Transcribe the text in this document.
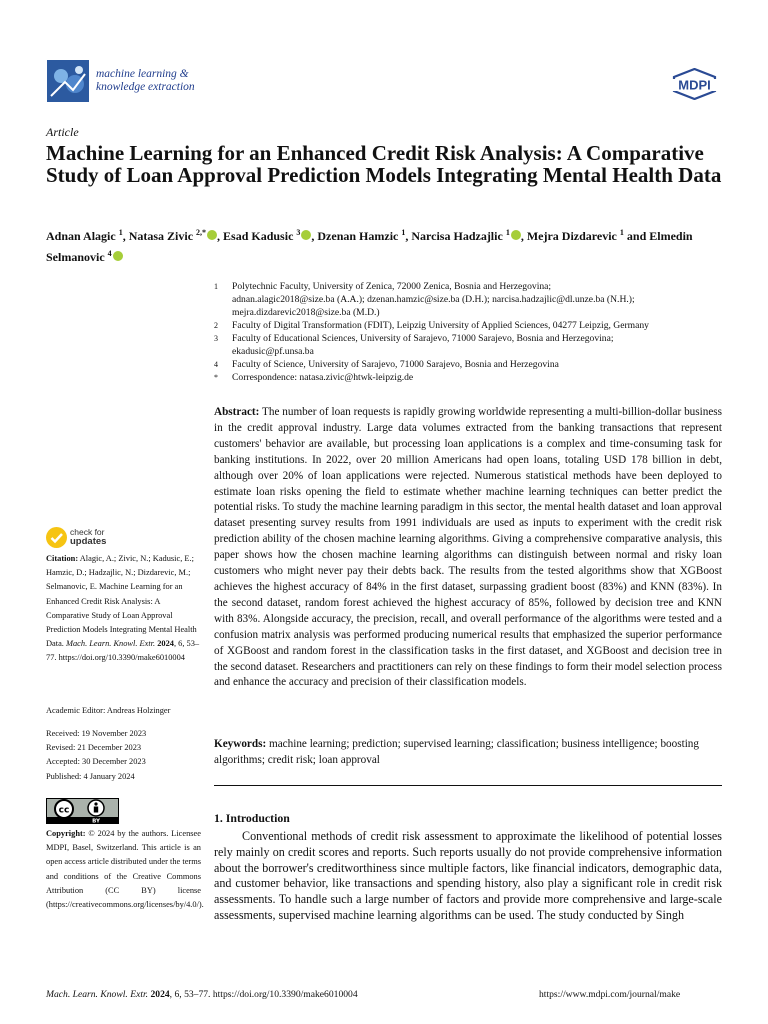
machine learning &
knowledge extraction	MDPI
Article
Machine Learning for an Enhanced Credit Risk Analysis: A Comparative Study of Loan Approval Prediction Models Integrating Mental Health Data
Adnan Alagic $^1$, Natasa Zivic $^{2,*}$ , Esad Kadusic $^3$ , Dzenan Hamzic $^1$, Narcisa Hadzajlic $^1$ , Mejra Dizdarevic $^1$ and Elmedin Selmanovic $^4$
1	Polytechnic Faculty, University of Zenica, 72000 Zenica, Bosnia and Herzegovina;
adnan.alagic2018@size.ba (A.A.); dzenan.hamzic@size.ba (D.H.); narcisa.hadzajlic@dl.unze.ba (N.H.);
mejra.dizdarevic2018@size.ba (M.D.)
2	Faculty of Digital Transformation (FDIT), Leipzig University of Applied Sciences, 04277 Leipzig, Germany
3	Faculty of Educational Sciences, University of Sarajevo, 71000 Sarajevo, Bosnia and Herzegovina;
ekadusic@pf.unsa.ba
4	Faculty of Science, University of Sarajevo, 71000 Sarajevo, Bosnia and Herzegovina
*	Correspondence: natasa.zivic@htwk-leipzig.de
check for
updates
Citation: Alagic, A.; Zivic, N.; Kadusic, E.; Hamzic, D.; Hadzajlic, N.; Dizdarevic, M.; Selmanovic, E. Machine Learning for an Enhanced Credit Risk Analysis: A Comparative Study of Loan Approval Prediction Models Integrating Mental Health Data. Mach. Learn. Knowl. Extr. 2024, 6, 53–77. https://doi.org/10.3390/make6010004
Academic Editor: Andreas Holzinger
Received: 19 November 2023
Revised: 21 December 2023
Accepted: 30 December 2023
Published: 4 January 2024
cc
BY
Copyright: © 2024 by the authors. Licensee MDPI, Basel, Switzerland. This article is an open access article distributed under the terms and conditions of the Creative Commons Attribution (CC BY) license (https://creativecommons.org/licenses/by/4.0/).
Abstract: The number of loan requests is rapidly growing worldwide representing a multi-billion-dollar business in the credit approval industry. Large data volumes extracted from the banking transactions that represent customers' behavior are available, but processing loan applications is a complex and time-consuming task for banking institutions. In 2022, over 20 million Americans had open loans, totaling USD 178 billion in debt, although over 20% of loan applications were rejected. Numerous statistical methods have been deployed to estimate loan risks opening the field to estimate whether machine learning techniques can better predict the potential risks. To study the machine learning paradigm in this sector, the mental health dataset and loan approval dataset presenting survey results from 1991 individuals are used as inputs to experiment with the credit risk prediction ability of the chosen machine learning algorithms. Giving a comprehensive comparative analysis, this paper shows how the chosen machine learning algorithms can distinguish between normal and risky loan customers who might never pay their debts back. The results from the tested algorithms show that XGBoost achieves the highest accuracy of 84% in the first dataset, surpassing gradient boost (83%) and KNN (83%). In the second dataset, random forest achieved the highest accuracy of 85%, followed by decision tree and KNN with 83%. Alongside accuracy, the precision, recall, and overall performance of the algorithms were tested and a confusion matrix analysis was performed producing numerical results that emphasized the superior performance of XGBoost and random forest in the classification tasks in the first dataset, and XGBoost and decision tree in the second dataset. Researchers and practitioners can rely on these findings to form their model selection process and enhance the accuracy and precision of their classification models.
Keywords: machine learning; prediction; supervised learning; classification; business intelligence; boosting algorithms; credit risk; loan approval
1. Introduction

Conventional methods of credit risk assessment to approximate the likelihood of potential losses rely mainly on credit scores and reports. Such reports usually do not provide comprehensive information about the borrower's creditworthiness since multiple factors, like financial indicators, demographic data, and customer behavior, like transactions and spending history, also play a significant role in credit risk assessments. To handle such a large number of factors and provide more comprehensive and large-scale assessments, supervised machine learning algorithms can be used. The study conducted by Singh

Mach. Learn. Knowl. Extr. 2024, 6, 53–77. https://doi.org/10.3390/make6010004	https://www.mdpi.com/journal/make
